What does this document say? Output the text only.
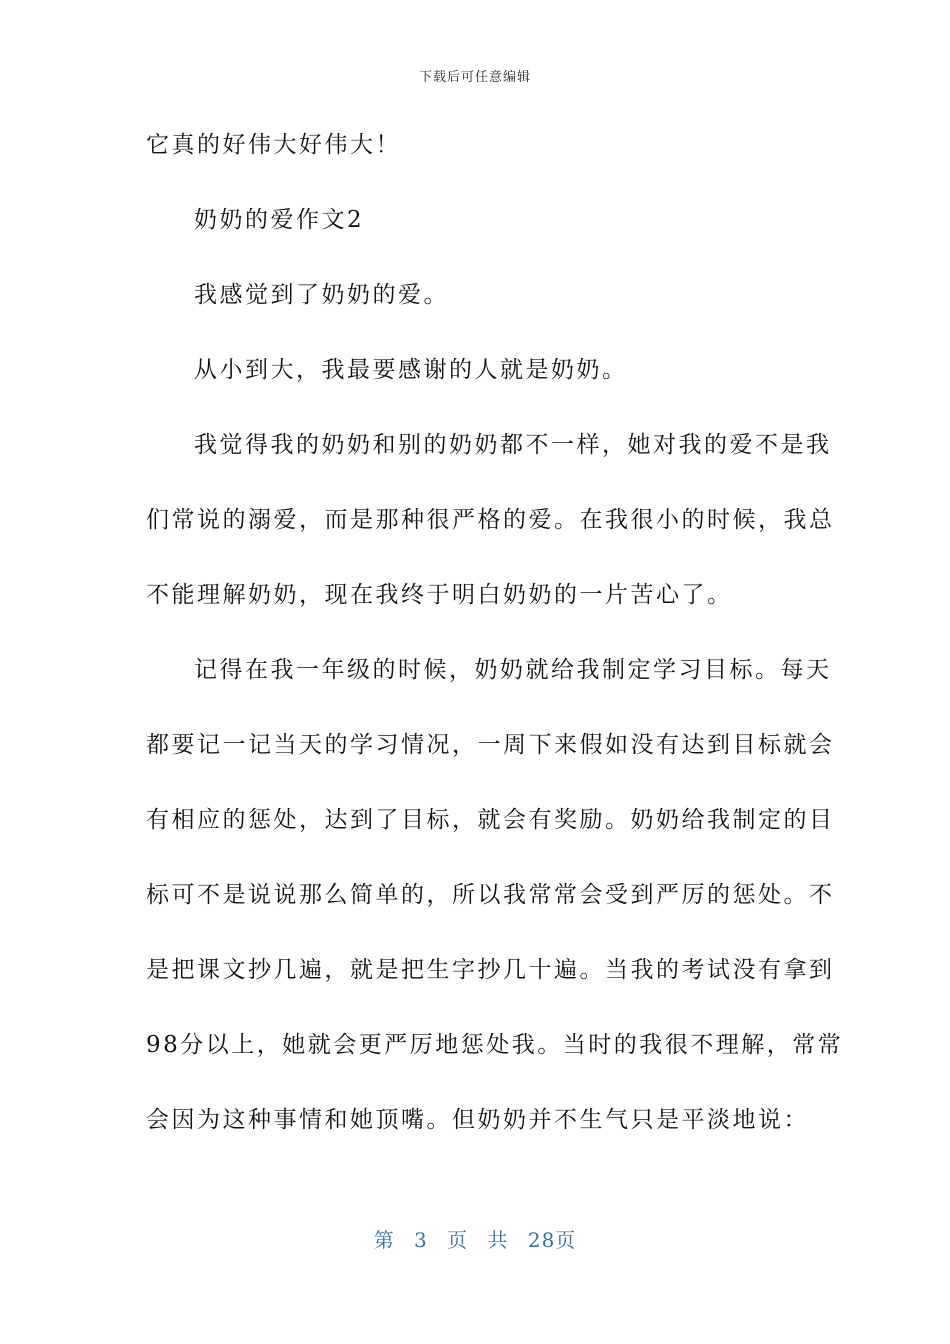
下载后可任意编辑
它真的好伟大好伟大！
奶奶的爱作文2
我感觉到了奶奶的爱。
从小到大，我最要感谢的人就是奶奶。
我觉得我的奶奶和别的奶奶都不一样，她对我的爱不是我
们常说的溺爱，而是那种很严格的爱。在我很小的时候，我总
不能理解奶奶，现在我终于明白奶奶的一片苦心了。
记得在我一年级的时候，奶奶就给我制定学习目标。每天
都要记一记当天的学习情况，一周下来假如没有达到目标就会
有相应的惩处，达到了目标，就会有奖励。奶奶给我制定的目
标可不是说说那么简单的，所以我常常会受到严厉的惩处。不
是把课文抄几遍，就是把生字抄几十遍。当我的考试没有拿到
98分以上，她就会更严厉地惩处我。当时的我很不理解，常常
会因为这种事情和她顶嘴。但奶奶并不生气只是平淡地说：
第 3 页 共 28页
